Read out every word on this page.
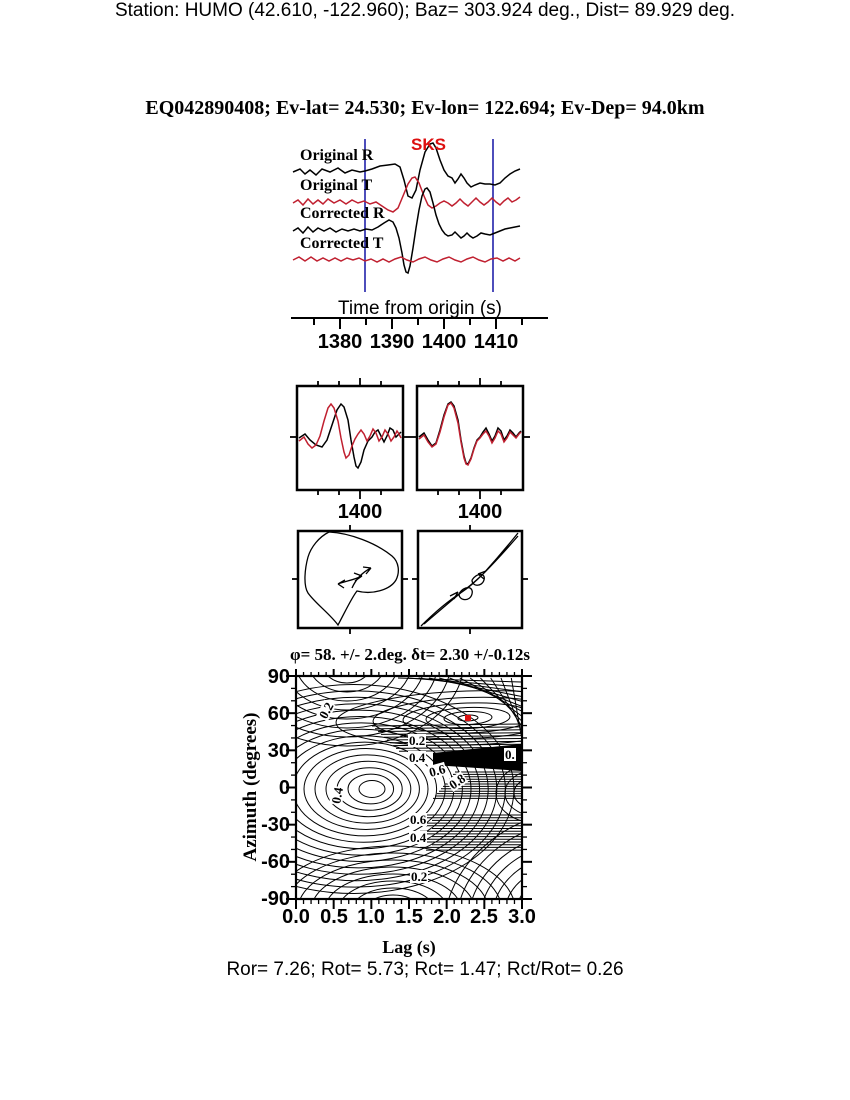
Station: HUMO (42.610, -122.960); Baz= 303.924 deg., Dist= 89.929 deg.
EQ042890408; Ev-lat= 24.530; Ev-lon= 122.694; Ev-Dep= 94.0km
SKS
Original R
Original T
Corrected R
Corrected T
Time from origin (s)
1380 1390 1400 1410
1400	1400
φ= 58. +/- 2.deg. δt= 2.30 +/-0.12s
Azimuth (degrees)
90
60
30
0
-30
-60
-90
0.0 0.5 1.0 1.5 2.0 2.5 3.0
Lag (s)
0.2
0.2
0.4
0.6
0.8
0.4
0.6
0.4
0.2
0.
Ror= 7.26; Rot= 5.73; Rct= 1.47; Rct/Rot= 0.26
